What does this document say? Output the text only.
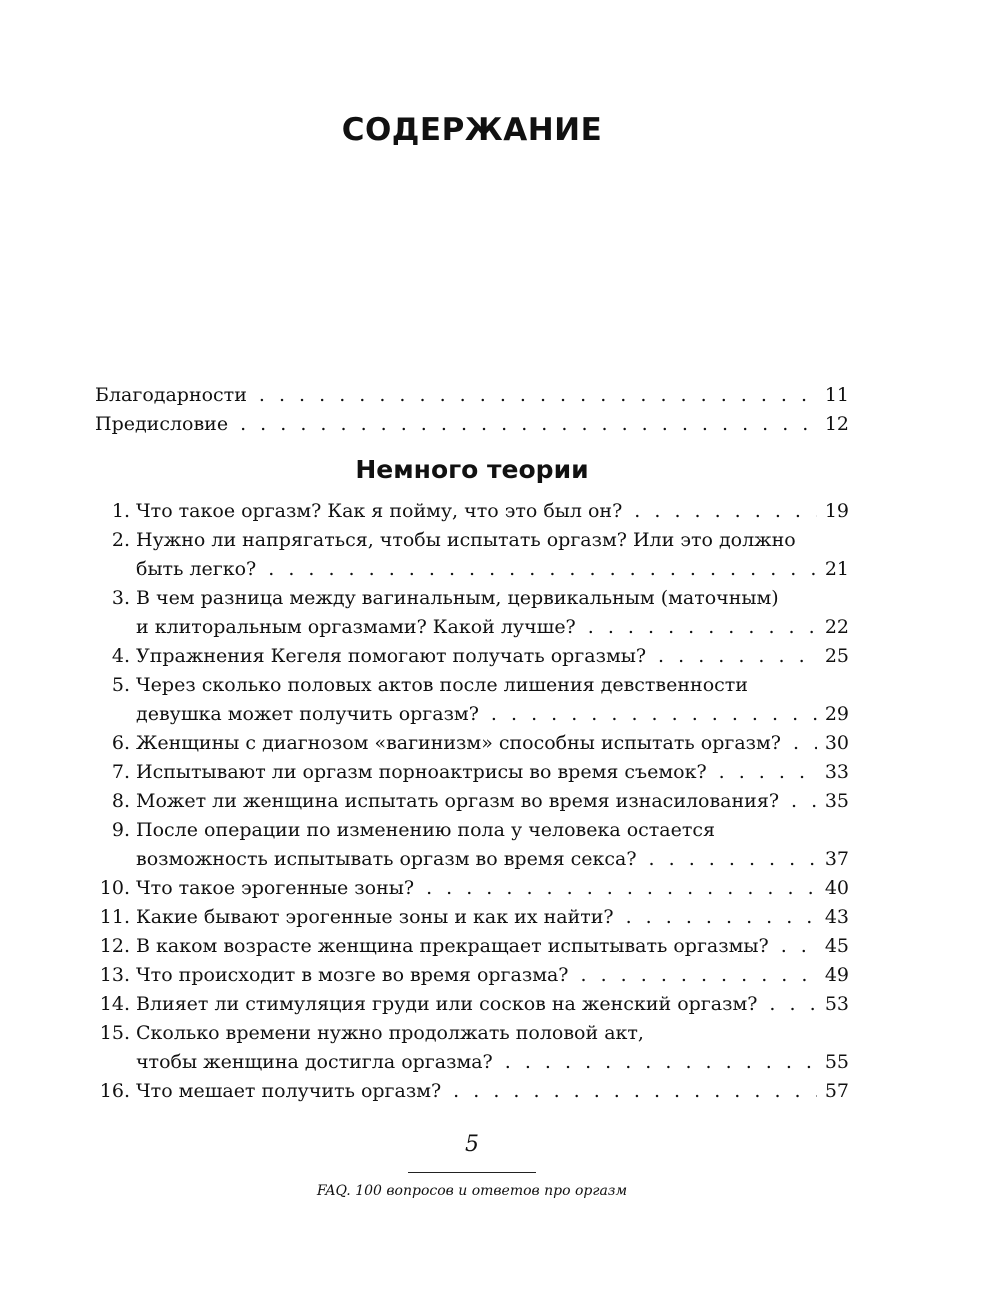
СОДЕРЖАНИЕ
Благодарности . . .	11
Предисловие . . .	12
Немного теории
1. Что такое оргазм? Как я пойму, что это был он? . . .	19
2. Нужно ли напрягаться, чтобы испытать оргазм? Или это должно
быть легко? . . .	21
3. В чем разница между вагинальным, цервикальным (маточным)
и клиторальным оргазмами? Какой лучше? . . .	22
4. Упражнения Кегеля помогают получать оргазмы? . . .	25
5. Через сколько половых актов после лишения девственности
девушка может получить оргазм? . . .	29
6. Женщины с диагнозом «вагинизм» способны испытать оргазм? . . . 30
7. Испытывают ли оргазм порноактрисы во время съемок? . . .	33
8. Может ли женщина испытать оргазм во время изнасилования? . . . 35
9. После операции по изменению пола у человека остается
возможность испытывать оргазм во время секса? . . .	37
10. Что такое эрогенные зоны? . . .	40
11. Какие бывают эрогенные зоны и как их найти? . . .	43
12. В каком возрасте женщина прекращает испытывать оргазмы? . . .	45
13. Что происходит в мозге во время оргазма? . . .	49
14. Влияет ли стимуляция груди или сосков на женский оргазм? . . .	53
15. Сколько времени нужно продолжать половой акт,
чтобы женщина достигла оргазма? . . .	55
16. Что мешает получить оргазм? . . .	57
5
FAQ. 100 вопросов и ответов про оргазм
